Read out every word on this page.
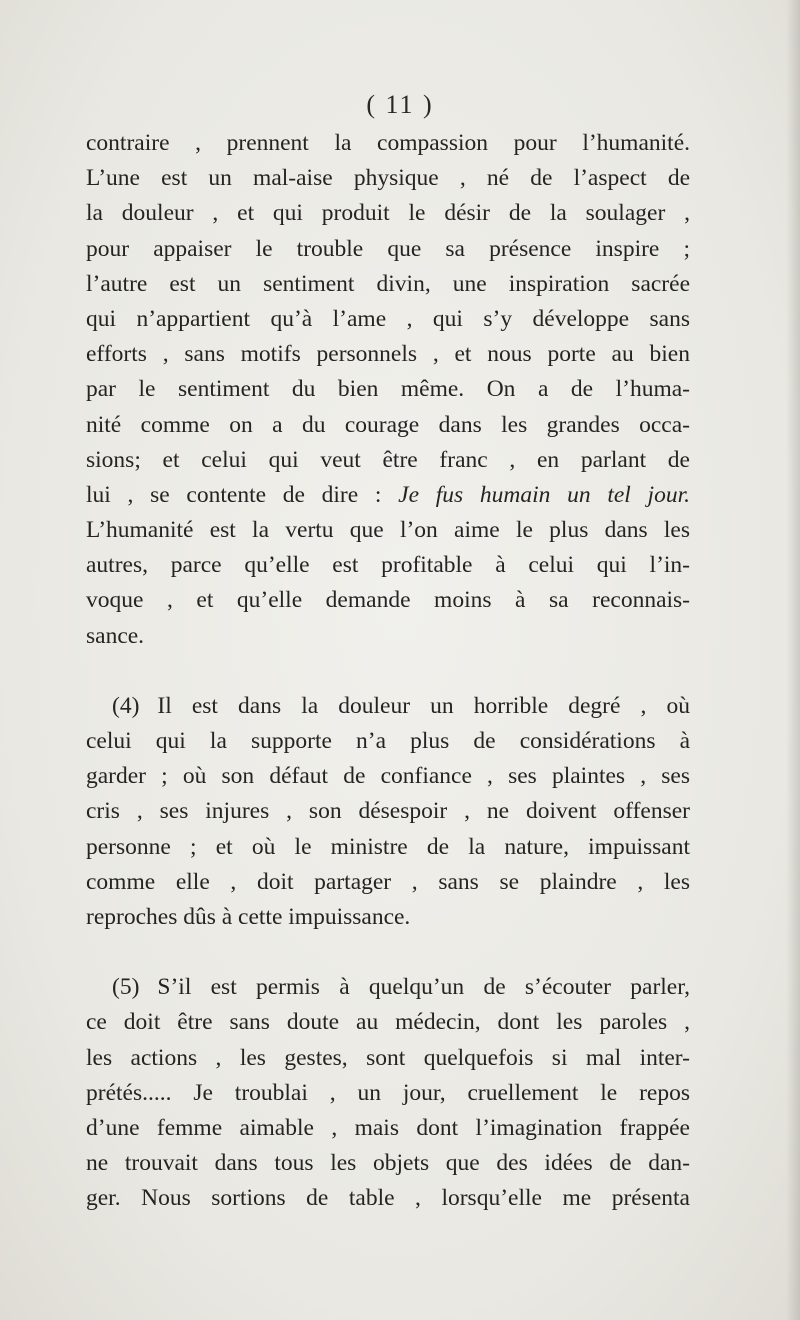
( 11 )
contraire , prennent la compassion pour l’humanité.
L’une est un mal-aise physique , né de l’aspect de
la douleur , et qui produit le désir de la soulager ,
pour appaiser le trouble que sa présence inspire ;
l’autre est un sentiment divin, une inspiration sacrée
qui n’appartient qu’à l’ame , qui s’y développe sans
efforts , sans motifs personnels , et nous porte au bien
par le sentiment du bien même. On a de l’huma-
nité comme on a du courage dans les grandes occa-
sions; et celui qui veut être franc , en parlant de
lui , se contente de dire : Je fus humain un tel jour.
L’humanité est la vertu que l’on aime le plus dans les
autres, parce qu’elle est profitable à celui qui l’in-
voque , et qu’elle demande moins à sa reconnais-
sance.
(4) Il est dans la douleur un horrible degré , où
celui qui la supporte n’a plus de considérations à
garder ; où son défaut de confiance , ses plaintes , ses
cris , ses injures , son désespoir , ne doivent offenser
personne ; et où le ministre de la nature, impuissant
comme elle , doit partager , sans se plaindre , les
reproches dûs à cette impuissance.
(5) S’il est permis à quelqu’un de s’écouter parler,
ce doit être sans doute au médecin, dont les paroles ,
les actions , les gestes, sont quelquefois si mal inter-
prétés..... Je troublai , un jour, cruellement le repos
d’une femme aimable , mais dont l’imagination frappée
ne trouvait dans tous les objets que des idées de dan-
ger. Nous sortions de table , lorsqu’elle me présenta
